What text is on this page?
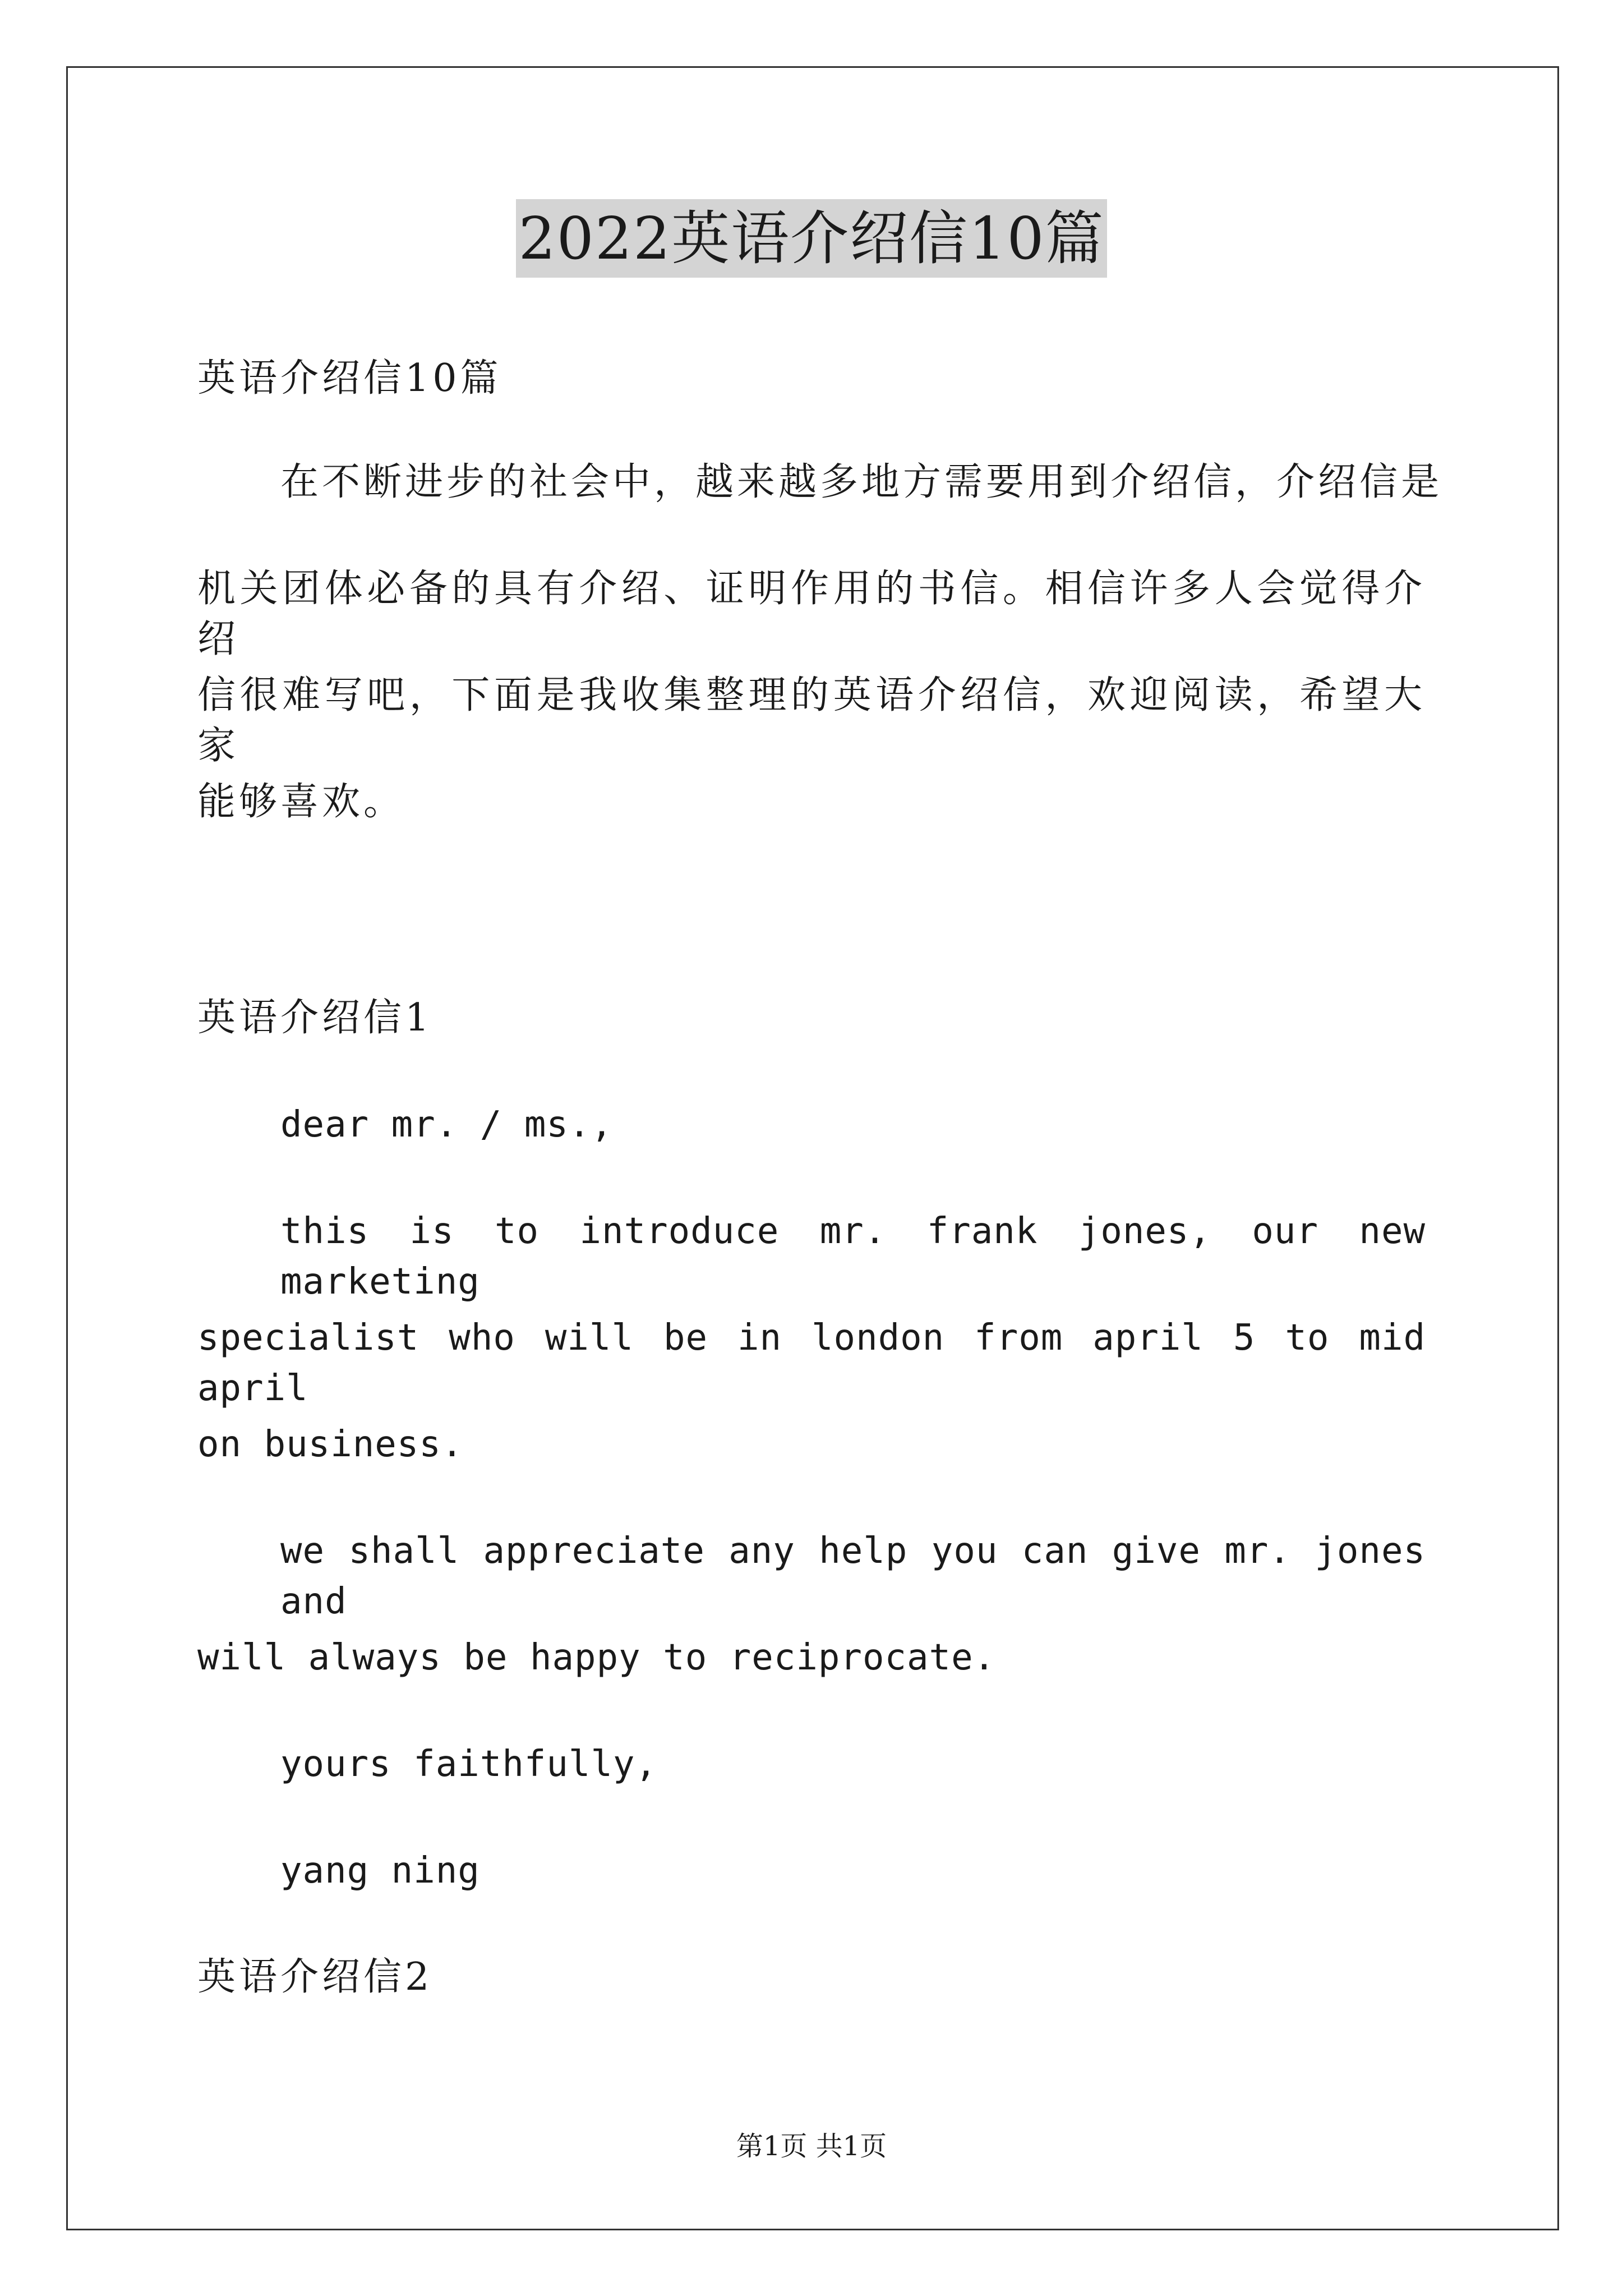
2022英语介绍信10篇
英语介绍信10篇
在不断进步的社会中，越来越多地方需要用到介绍信，介绍信是
机关团体必备的具有介绍、证明作用的书信。相信许多人会觉得介绍
信很难写吧，下面是我收集整理的英语介绍信，欢迎阅读，希望大家
能够喜欢。
英语介绍信1
dear mr. / ms.,
this is to introduce mr. frank jones, our new marketing
specialist who will be in london from april 5 to mid april
on business.
we shall appreciate any help you can give mr. jones and
will always be happy to reciprocate.
yours faithfully,
yang ning
英语介绍信2
第1页 共1页
